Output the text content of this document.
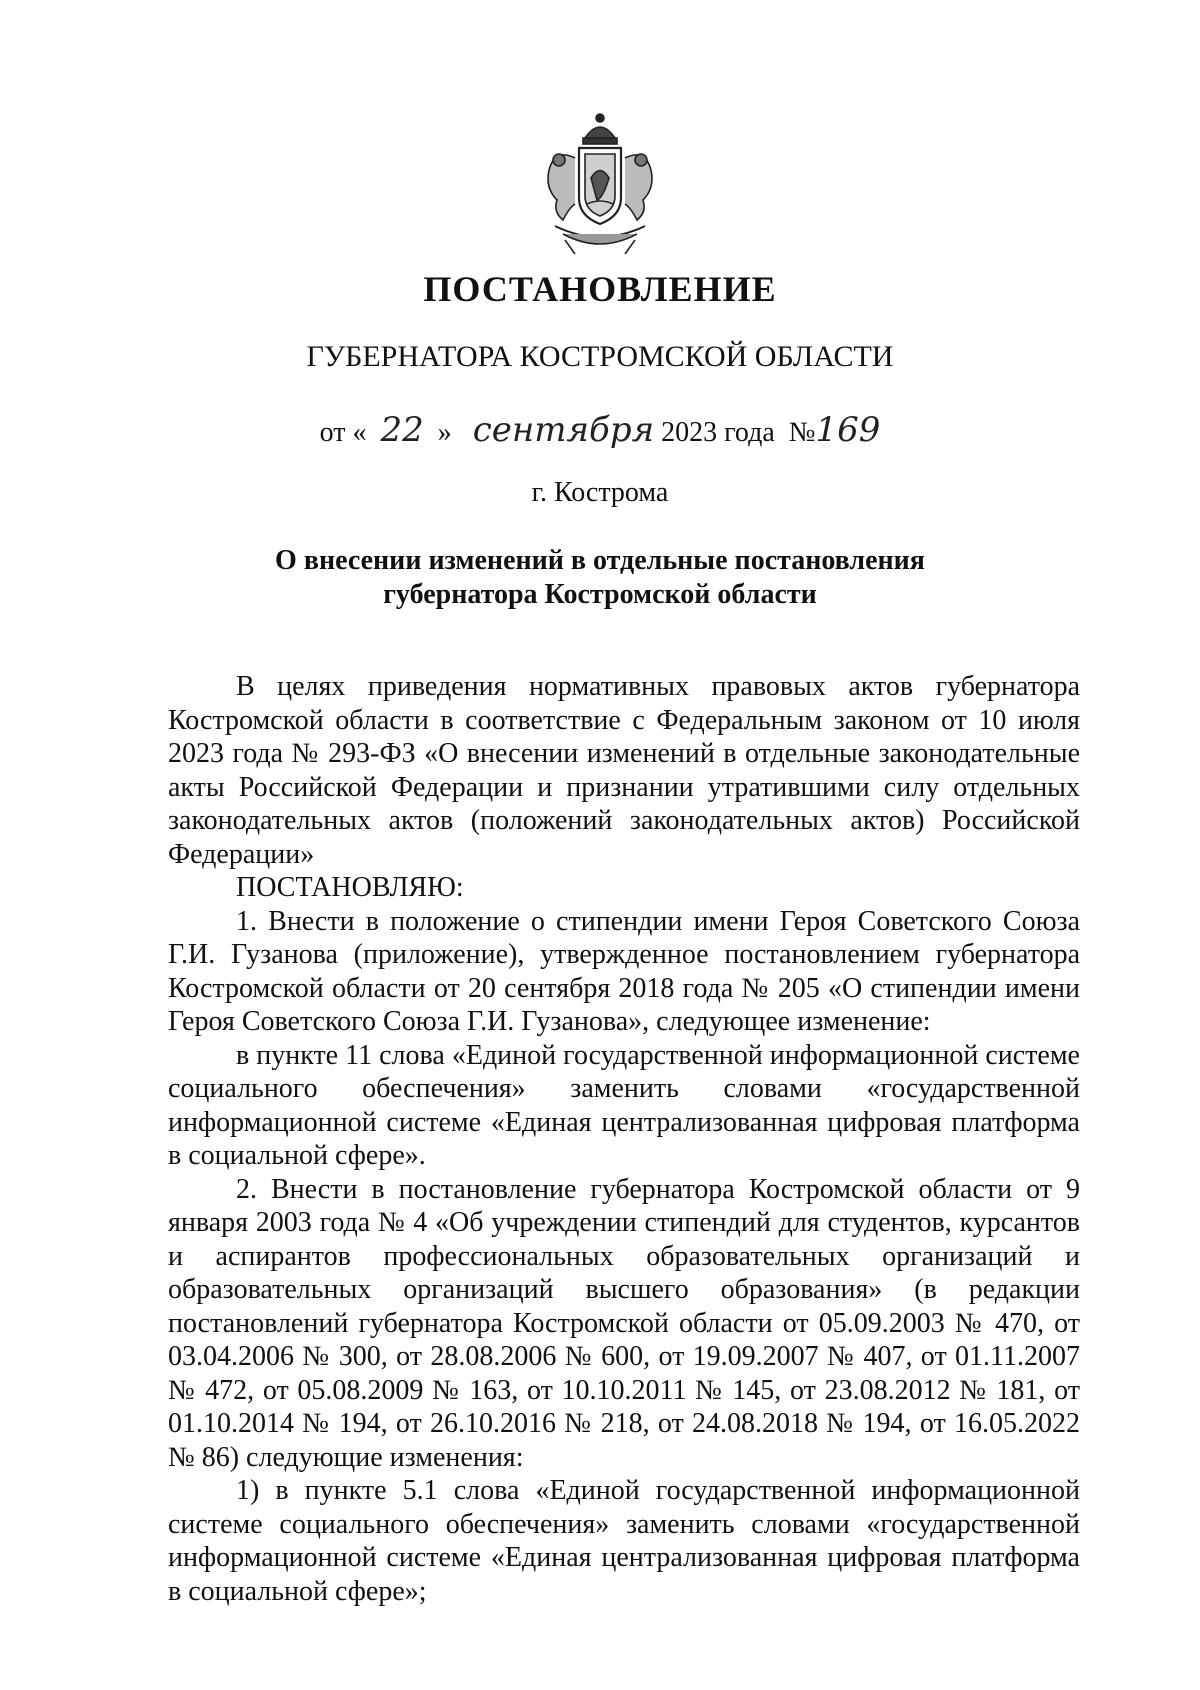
ПОСТАНОВЛЕНИЕ
ГУБЕРНАТОРА КОСТРОМСКОЙ ОБЛАСТИ
от « 22 » сентября 2023 года №169
г. Кострома
О внесении изменений в отдельные постановления
губернатора Костромской области

В целях приведения нормативных правовых актов губернатора Костромской области в соответствие с Федеральным законом от 10 июля 2023 года № 293-ФЗ «О внесении изменений в отдельные законодательные акты Российской Федерации и признании утратившими силу отдельных законодательных актов (положений законодательных актов) Российской Федерации»

ПОСТАНОВЛЯЮ:

1. Внести в положение о стипендии имени Героя Советского Союза Г.И. Гузанова (приложение), утвержденное постановлением губернатора Костромской области от 20 сентября 2018 года № 205 «О стипендии имени Героя Советского Союза Г.И. Гузанова», следующее изменение:

в пункте 11 слова «Единой государственной информационной системе социального обеспечения» заменить словами «государственной информационной системе «Единая централизованная цифровая платформа в социальной сфере».

2. Внести в постановление губернатора Костромской области от 9 января 2003 года № 4 «Об учреждении стипендий для студентов, курсантов и аспирантов профессиональных образовательных организаций и образовательных организаций высшего образования» (в редакции постановлений губернатора Костромской области от 05.09.2003 № 470, от 03.04.2006 № 300, от 28.08.2006 № 600, от 19.09.2007 № 407, от 01.11.2007 № 472, от 05.08.2009 № 163, от 10.10.2011 № 145, от 23.08.2012 № 181, от 01.10.2014 № 194, от 26.10.2016 № 218, от 24.08.2018 № 194, от 16.05.2022 № 86) следующие изменения:

1) в пункте 5.1 слова «Единой государственной информационной системе социального обеспечения» заменить словами «государственной информационной системе «Единая централизованная цифровая платформа в социальной сфере»;
